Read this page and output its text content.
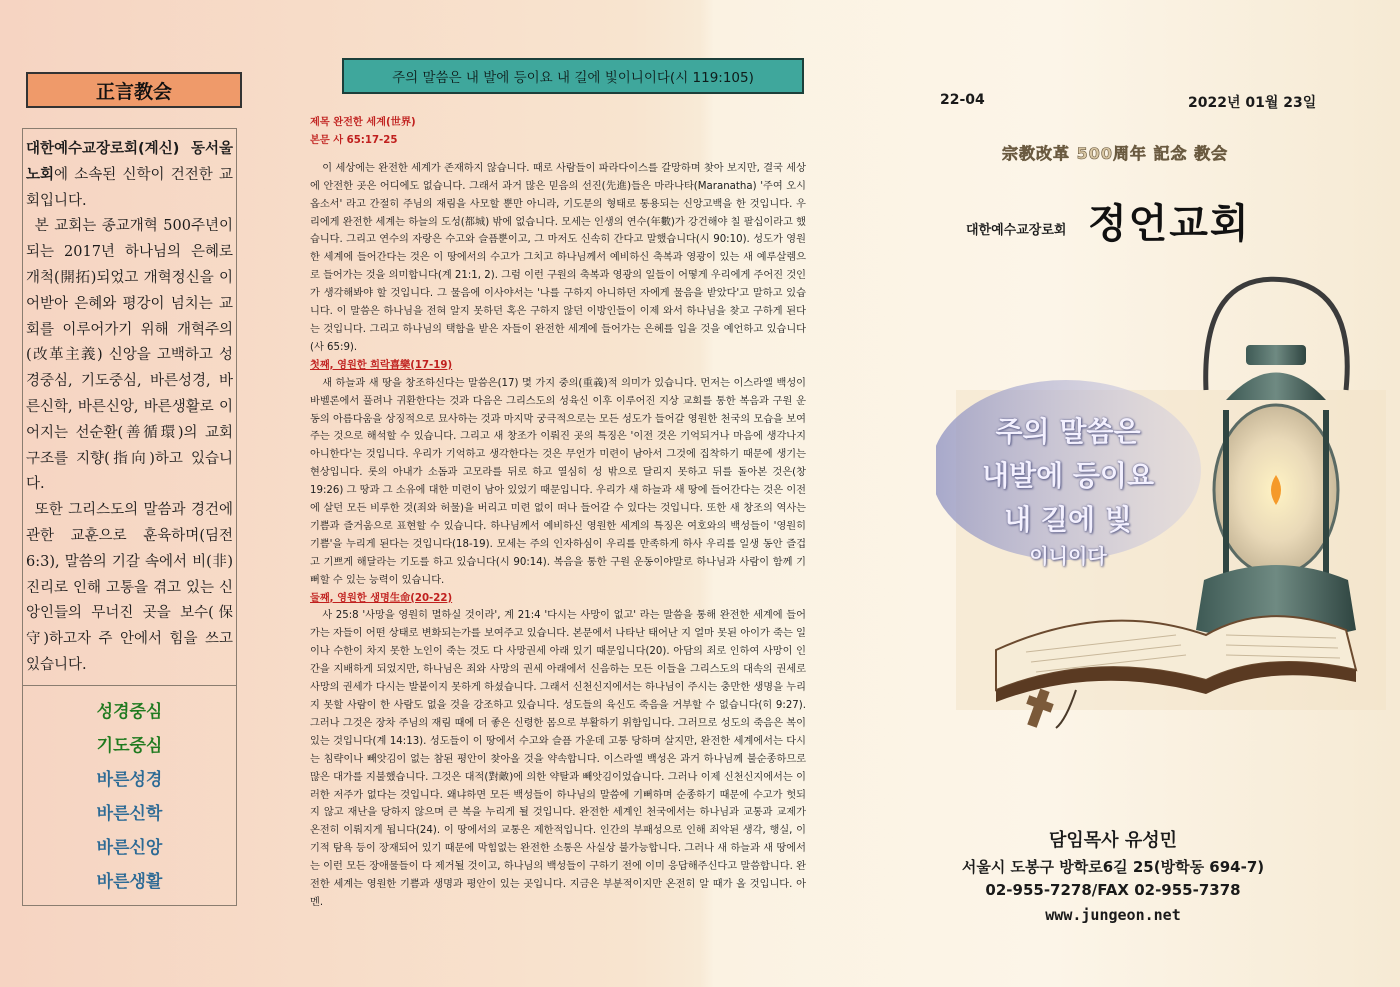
正言教会

대한예수교장로회(계신) 동서울 노회에 소속된 신학이 건전한 교회입니다.

본 교회는 종교개혁 500주년이 되는 2017년 하나님의 은혜로 개척(開拓)되었고 개혁정신을 이어받아 은혜와 평강이 넘치는 교회를 이루어가기 위해 개혁주의(改革主義) 신앙을 고백하고 성경중심, 기도중심, 바른성경, 바른신학, 바른신앙, 바른생활로 이어지는 선순환(善循環)의 교회 구조를 지향(指向)하고 있습니다.

또한 그리스도의 말씀과 경건에 관한 교훈으로 훈육하며(딤전 6:3), 말씀의 기갈 속에서 비(非) 진리로 인해 고통을 겪고 있는 신앙인들의 무너진 곳을 보수(保守)하고자 주 안에서 힘을 쓰고 있습니다.

성경중심
기도중심
바른성경
바른신학
바른신앙
바른생활
주의 말씀은 내 발에 등이요 내 길에 빛이니이다(시 119:105)
제목 완전한 세계(世界)
본문 사 65:17-25
이 세상에는 완전한 세계가 존재하지 않습니다. 때로 사람들이 파라다이스를 갈망하며 찾아 보지만, 결국 세상에 안전한 곳은 어디에도 없습니다. 그래서 과거 많은 믿음의 선진(先進)들은 마라나타(Maranatha) '주여 오시옵소서' 라고 간절히 주님의 재림을 사모할 뿐만 아니라, 기도문의 형태로 통용되는 신앙고백을 한 것입니다. 우리에게 완전한 세계는 하늘의 도성(都城) 밖에 없습니다. 모세는 인생의 연수(年數)가 강건해야 칠 팔십이라고 했습니다. 그리고 연수의 자랑은 수고와 슬픔뿐이고, 그 마저도 신속히 간다고 말했습니다(시 90:10). 성도가 영원한 세계에 들어간다는 것은 이 땅에서의 수고가 그치고 하나님께서 예비하신 축복과 영광이 있는 새 예루살렘으로 들어가는 것을 의미합니다(계 21:1, 2). 그럼 이런 구원의 축복과 영광의 일들이 어떻게 우리에게 주어진 것인가 생각해봐야 할 것입니다. 그 물음에 이사야서는 '나를 구하지 아니하던 자에게 물음을 받았다'고 말하고 있습니다. 이 말씀은 하나님을 전혀 알지 못하던 혹은 구하지 않던 이방인들이 이제 와서 하나님을 찾고 구하게 된다는 것입니다. 그리고 하나님의 택함을 받은 자들이 완전한 세계에 들어가는 은혜를 입을 것을 예언하고 있습니다(사 65:9).
첫째, 영원한 희락喜樂(17-19)
새 하늘과 새 땅을 창조하신다는 말씀은(17) 몇 가지 중의(重義)적 의미가 있습니다. 먼저는 이스라엘 백성이 바벨론에서 풀려나 귀환한다는 것과 다음은 그리스도의 성육신 이후 이루어진 지상 교회를 통한 복음과 구원 운동의 아름다움을 상징적으로 묘사하는 것과 마지막 궁극적으로는 모든 성도가 들어갈 영원한 천국의 모습을 보여주는 것으로 해석할 수 있습니다. 그리고 새 창조가 이뤄진 곳의 특징은 '이전 것은 기억되거나 마음에 생각나지 아니한다'는 것입니다. 우리가 기억하고 생각한다는 것은 무언가 미련이 남아서 그것에 집착하기 때문에 생기는 현상입니다. 롯의 아내가 소돔과 고모라를 뒤로 하고 열심히 성 밖으로 달리지 못하고 뒤를 돌아본 것은(창 19:26) 그 땅과 그 소유에 대한 미련이 남아 있었기 때문입니다. 우리가 새 하늘과 새 땅에 들어간다는 것은 이전에 살던 모든 비루한 것(죄와 허물)을 버리고 미련 없이 떠나 들어갈 수 있다는 것입니다. 또한 새 창조의 역사는 기쁨과 즐거움으로 표현할 수 있습니다. 하나님께서 예비하신 영원한 세계의 특징은 여호와의 백성들이 '영원히 기쁨'을 누리게 된다는 것입니다(18-19). 모세는 주의 인자하심이 우리를 만족하게 하사 우리를 일생 동안 즐겁고 기쁘게 해달라는 기도를 하고 있습니다(시 90:14). 복음을 통한 구원 운동이야말로 하나님과 사람이 함께 기뻐할 수 있는 능력이 있습니다.
둘째, 영원한 생명生命(20-22)
사 25:8 '사망을 영원히 멸하실 것이라', 계 21:4 '다시는 사망이 없고' 라는 말씀을 통해 완전한 세계에 들어가는 자들이 어떤 상태로 변화되는가를 보여주고 있습니다. 본문에서 나타난 태어난 지 얼마 못된 아이가 죽는 일이나 수한이 차지 못한 노인이 죽는 것도 다 사망권세 아래 있기 때문입니다(20). 아담의 죄로 인하여 사망이 인간을 지배하게 되었지만, 하나님은 죄와 사망의 권세 아래에서 신음하는 모든 이들을 그리스도의 대속의 권세로 사망의 권세가 다시는 발붙이지 못하게 하셨습니다. 그래서 신천신지에서는 하나님이 주시는 충만한 생명을 누리지 못할 사람이 한 사람도 없을 것을 강조하고 있습니다. 성도들의 육신도 죽음을 거부할 수 없습니다(히 9:27). 그러나 그것은 장차 주님의 재림 때에 더 좋은 신령한 몸으로 부활하기 위함입니다. 그러므로 성도의 죽음은 복이 있는 것입니다(계 14:13). 성도들이 이 땅에서 수고와 슬픔 가운데 고통 당하며 살지만, 완전한 세계에서는 다시는 침략이나 빼앗김이 없는 참된 평안이 찾아올 것을 약속합니다. 이스라엘 백성은 과거 하나님께 불순종하므로 많은 대가를 지불했습니다. 그것은 대적(對敵)에 의한 약탈과 빼앗김이었습니다. 그러나 이제 신천신지에서는 이러한 저주가 없다는 것입니다. 왜냐하면 모든 백성들이 하나님의 말씀에 기뻐하며 순종하기 때문에 수고가 헛되지 않고 재난을 당하지 않으며 큰 복을 누리게 될 것입니다. 완전한 세계인 천국에서는 하나님과 교통과 교제가 온전히 이뤄지게 됩니다(24). 이 땅에서의 교통은 제한적입니다. 인간의 부패성으로 인해 죄악된 생각, 행실, 이기적 탐욕 등이 장재되어 있기 때문에 막힘없는 완전한 소통은 사실상 불가능합니다. 그러나 새 하늘과 새 땅에서는 이런 모든 장애물들이 다 제거될 것이고, 하나님의 백성들이 구하기 전에 이미 응답해주신다고 말씀합니다. 완전한 세계는 영원한 기쁨과 생명과 평안이 있는 곳입니다. 지금은 부분적이지만 온전히 알 때가 올 것입니다. 아멘.
22-04	2022년 01월 23일
宗教改革 500周年 記念 教会
대한예수교장로회 정언교회
주의 말씀은
내발에 등이요
내 길에 빛
이니이다
담임목사 유성민
서울시 도봉구 방학로6길 25(방학동 694-7)
02-955-7278/FAX 02-955-7378
www.jungeon.net
